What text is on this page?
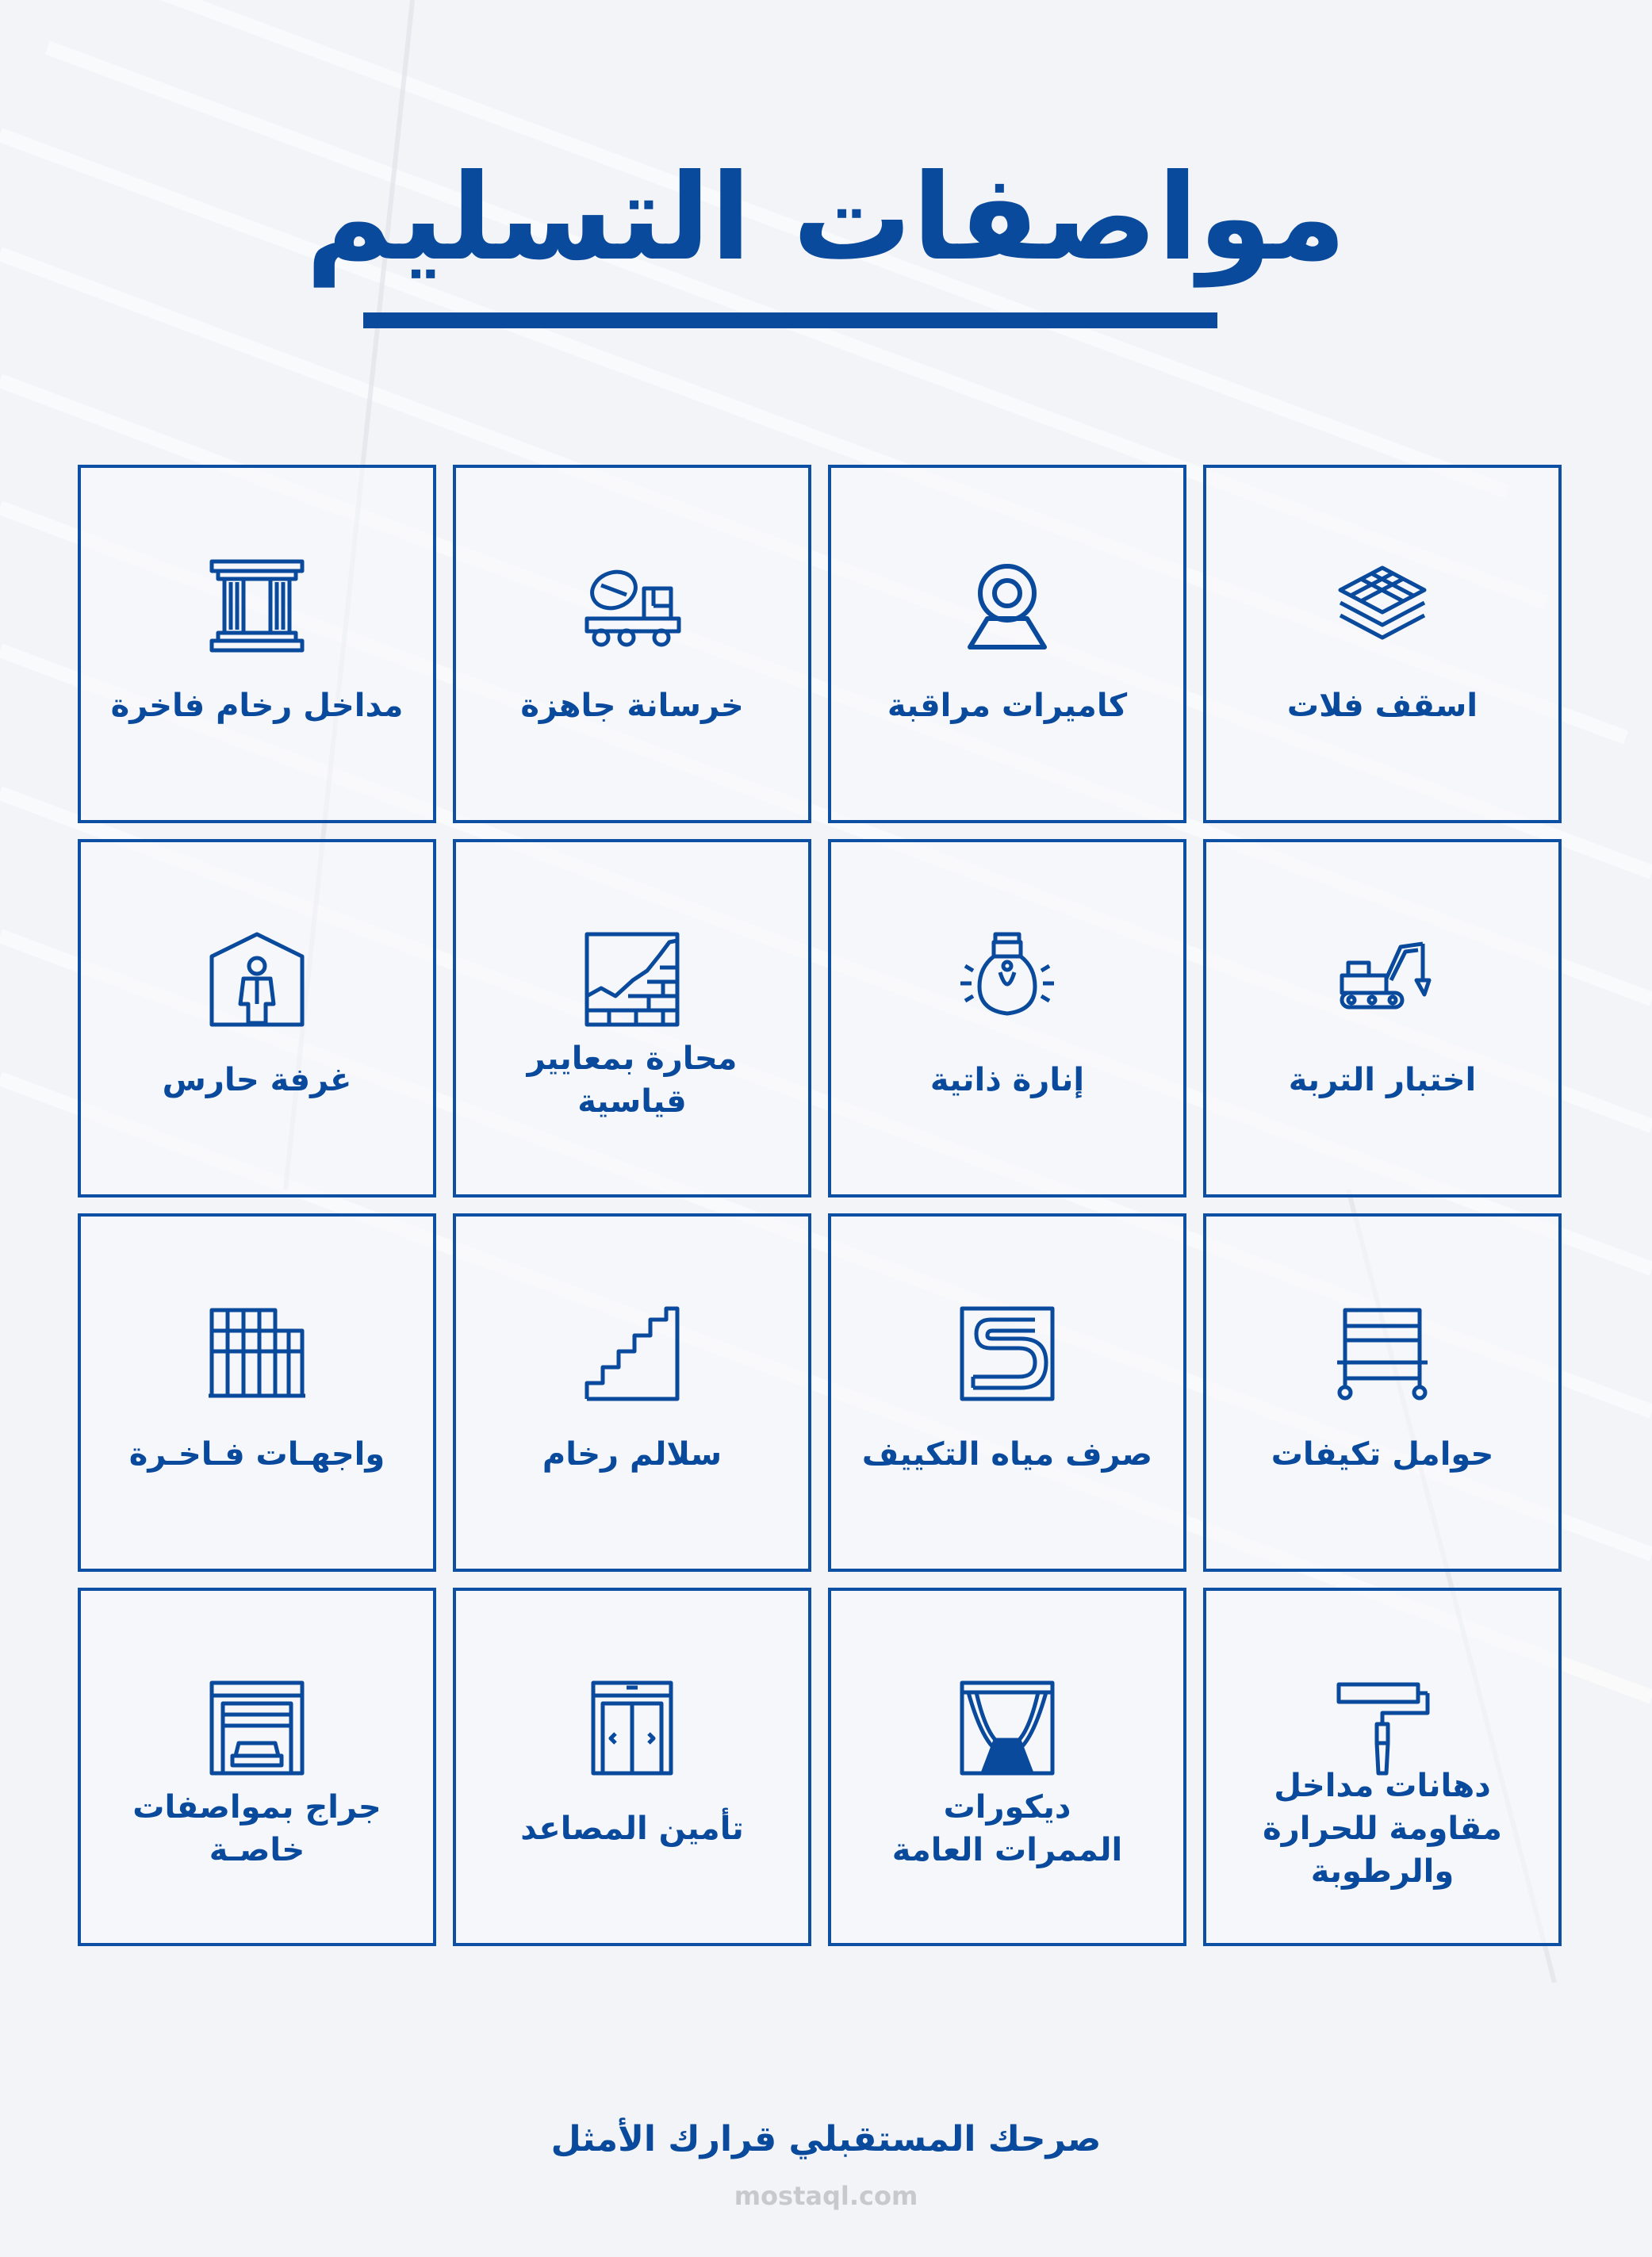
مواصفات التسليم
اسقف فلات
كاميرات مراقبة
خرسانة جاهزة
مداخل رخام فاخرة
اختبار التربة
إنارة ذاتية
محارة بمعايير
قياسية
غرفة حارس
حوامل تكيفات
صرف مياه التكييف
سلالم رخام
واجهـات فـاخـرة
دهانات مداخل
مقاومة للحرارة
والرطوبة
ديكورات
الممرات العامة
تأمين المصاعد
جراج بمواصفات
خاصـة
صرحك المستقبلي قرارك الأمثل
mostaql.com
